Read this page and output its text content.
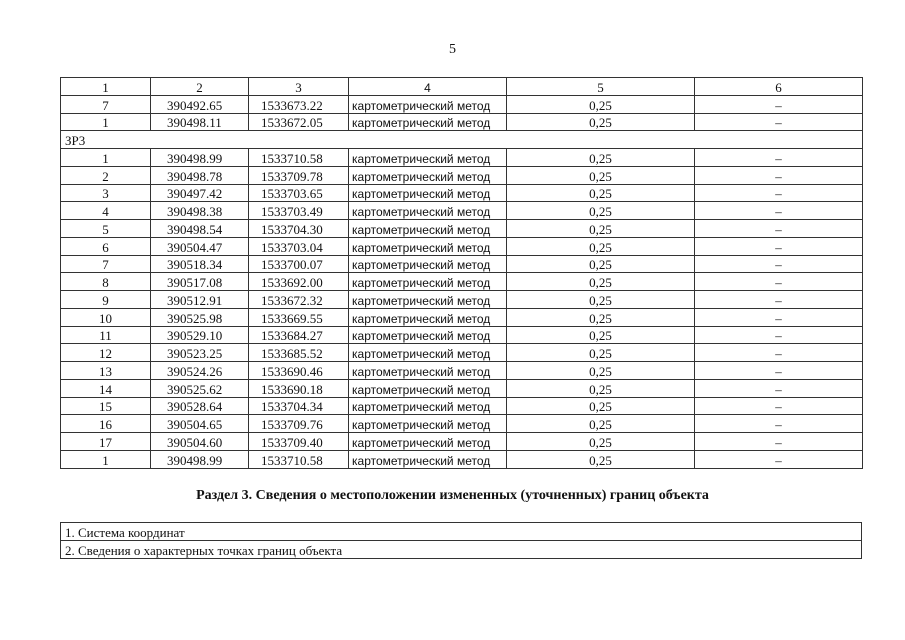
5
1	2	3	4	5	6
7	390492.65	1533673.22	картометрический метод	0,25	–
1	390498.11	1533672.05	картометрический метод	0,25	–
ЗР3					
1	390498.99	1533710.58	картометрический метод	0,25	–
2	390498.78	1533709.78	картометрический метод	0,25	–
3	390497.42	1533703.65	картометрический метод	0,25	–
4	390498.38	1533703.49	картометрический метод	0,25	–
5	390498.54	1533704.30	картометрический метод	0,25	–
6	390504.47	1533703.04	картометрический метод	0,25	–
7	390518.34	1533700.07	картометрический метод	0,25	–
8	390517.08	1533692.00	картометрический метод	0,25	–
9	390512.91	1533672.32	картометрический метод	0,25	–
10	390525.98	1533669.55	картометрический метод	0,25	–
11	390529.10	1533684.27	картометрический метод	0,25	–
12	390523.25	1533685.52	картометрический метод	0,25	–
13	390524.26	1533690.46	картометрический метод	0,25	–
14	390525.62	1533690.18	картометрический метод	0,25	–
15	390528.64	1533704.34	картометрический метод	0,25	–
16	390504.65	1533709.76	картометрический метод	0,25	–
17	390504.60	1533709.40	картометрический метод	0,25	–
1	390498.99	1533710.58	картометрический метод	0,25	–
Раздел 3. Сведения о местоположении измененных (уточненных) границ объекта
1. Система координат
2. Сведения о характерных точках границ объекта
